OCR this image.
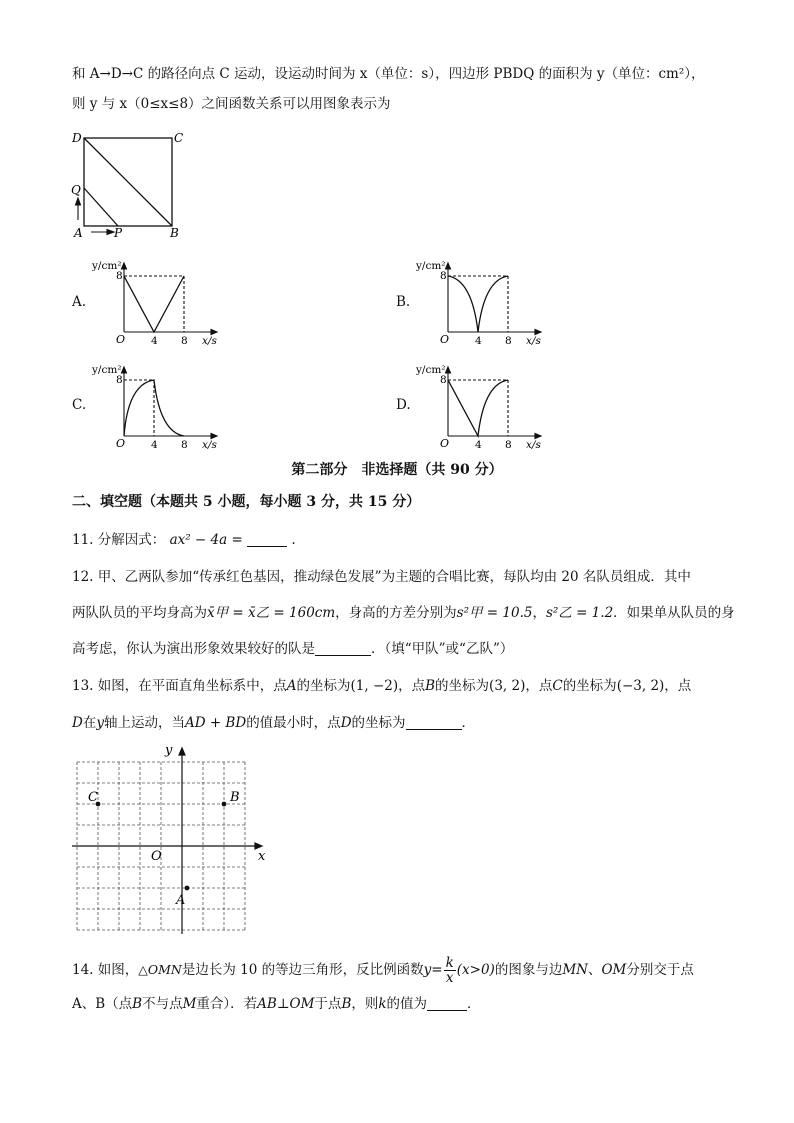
和 A→D→C 的路径向点 C 运动，设运动时间为 x（单位：s），四边形 PBDQ 的面积为 y（单位：cm²），
则 y 与 x（0≤x≤8）之间函数关系可以用图象表示为
D	C
Q
A	P	B
A.
y/cm²
8
O 4 8 x/s
B.
y/cm²
8
O 4 8 x/s
C.
y/cm²
8
O 4 8 x/s
D.
y/cm²
8
O 4 8 x/s
第二部分　非选择题（共 90 分）
二、填空题（本题共 5 小题，每小题 3 分，共 15 分）
11. 分解因式： ax² − 4a =	.
12. 甲、乙两队参加“传承红色基因，推动绿色发展”为主题的合唱比赛，每队均由 20 名队员组成．其中
两队队员的平均身高为x̄甲 = x̄乙 = 160cm，身高的方差分别为s²甲 = 10.5，s²乙 = 1.2．如果单从队员的身
高考虑，你认为演出形象效果较好的队是	．（填“甲队”或“乙队”）
13. 如图，在平面直角坐标系中，点A的坐标为(1, −2)，点B的坐标为(3, 2)，点C的坐标为(−3, 2)，点
D在y轴上运动，当AD + BD的值最小时，点D的坐标为	．
y
x
O
C	B
A
14. 如图，△OMN是边长为 10 的等边三角形，反比例函数$y= \frac{k}{x} (x>0)$的图象与边MN、OM分别交于点
A、B（点B不与点M重合）．若AB⊥OM于点B，则k的值为	．
